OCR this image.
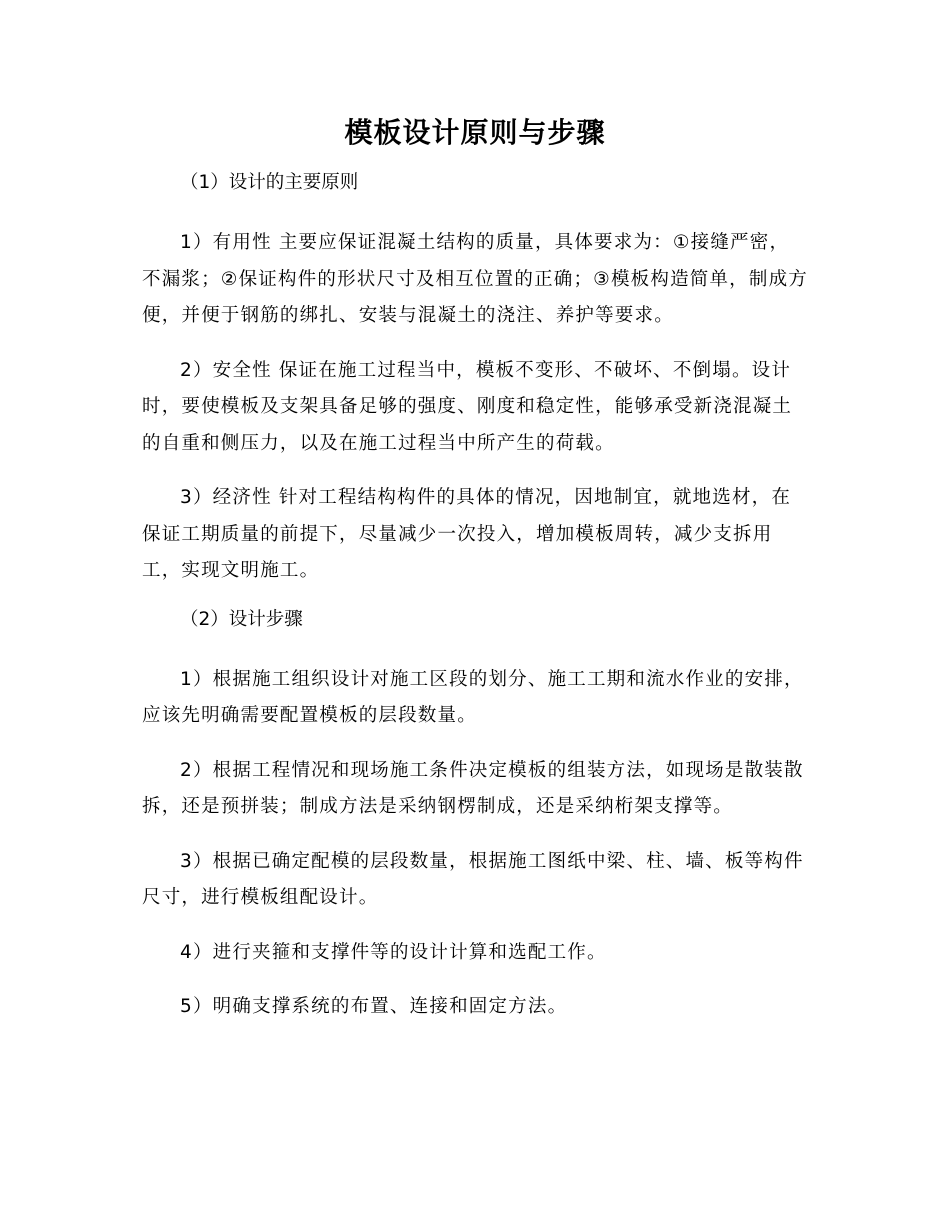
模板设计原则与步骤
（1）设计的主要原则

1）有用性 主要应保证混凝土结构的质量，具体要求为：①接缝严密，不漏浆；②保证构件的形状尺寸及相互位置的正确；③模板构造简单，制成方便，并便于钢筋的绑扎、安装与混凝土的浇注、养护等要求。

2）安全性 保证在施工过程当中，模板不变形、不破坏、不倒塌。设计时，要使模板及支架具备足够的强度、刚度和稳定性，能够承受新浇混凝土的自重和侧压力，以及在施工过程当中所产生的荷载。

3）经济性 针对工程结构构件的具体的情况，因地制宜，就地选材，在保证工期质量的前提下，尽量减少一次投入，增加模板周转，减少支拆用工，实现文明施工。

（2）设计步骤

1）根据施工组织设计对施工区段的划分、施工工期和流水作业的安排，应该先明确需要配置模板的层段数量。

2）根据工程情况和现场施工条件决定模板的组装方法，如现场是散装散拆，还是预拼装；制成方法是采纳钢楞制成，还是采纳桁架支撑等。

3）根据已确定配模的层段数量，根据施工图纸中梁、柱、墙、板等构件尺寸，进行模板组配设计。

4）进行夹箍和支撑件等的设计计算和选配工作。

5）明确支撑系统的布置、连接和固定方法。
